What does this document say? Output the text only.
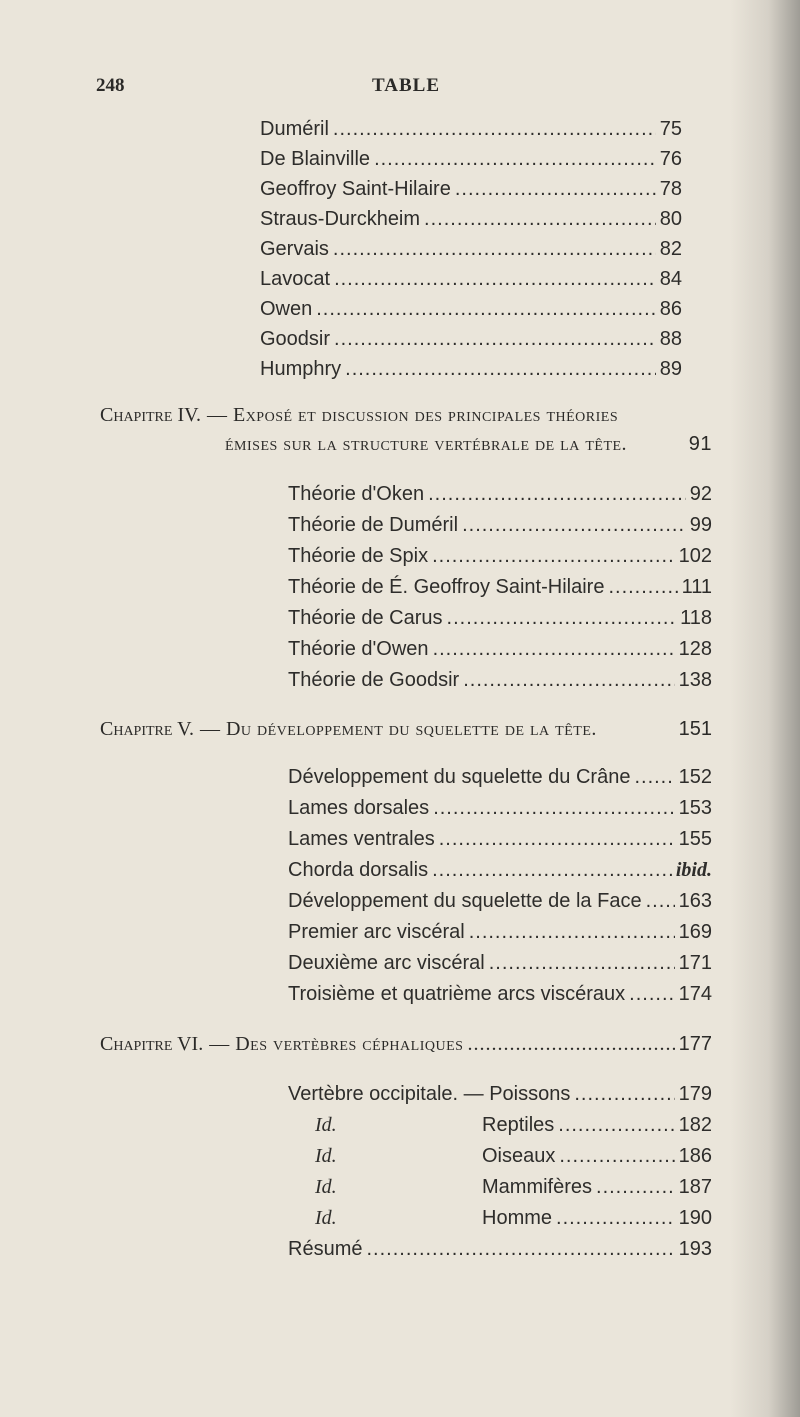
248	TABLE
Duméril .....	75
De Blainville .....	76
Geoffroy Saint-Hilaire .....	78
Straus-Durckheim .....	80
Gervais .....	82
Lavocat .....	84
Owen .....	86
Goodsir .....	88
Humphry .....	89
Chapitre IV. — Exposé et discussion des principales théories
émises sur la structure vertébrale de la tête.	91
Théorie d'Oken .....	92
Théorie de Duméril .....	99
Théorie de Spix .....	102
Théorie de É. Geoffroy Saint-Hilaire .....	111
Théorie de Carus .....	118
Théorie d'Owen .....	128
Théorie de Goodsir .....	138
Chapitre V. — Du développement du squelette de la tête.	151
Développement du squelette du Crâne ..... 152
Lames dorsales .....	153
Lames ventrales .....	155
Chorda dorsalis .....	ibid.
Développement du squelette de la Face ..... 163
Premier arc viscéral .....	169
Deuxième arc viscéral .....	171
Troisième et quatrième arcs viscéraux .....	174
Chapitre VI. — Des vertèbres céphaliques .....	177
Vertèbre occipitale. — Poissons .....	179
Id.	Reptiles .....	182
Id.	Oiseaux .....	186
Id.	Mammifères .....	187
Id.	Homme .....	190
Résumé .....	193
